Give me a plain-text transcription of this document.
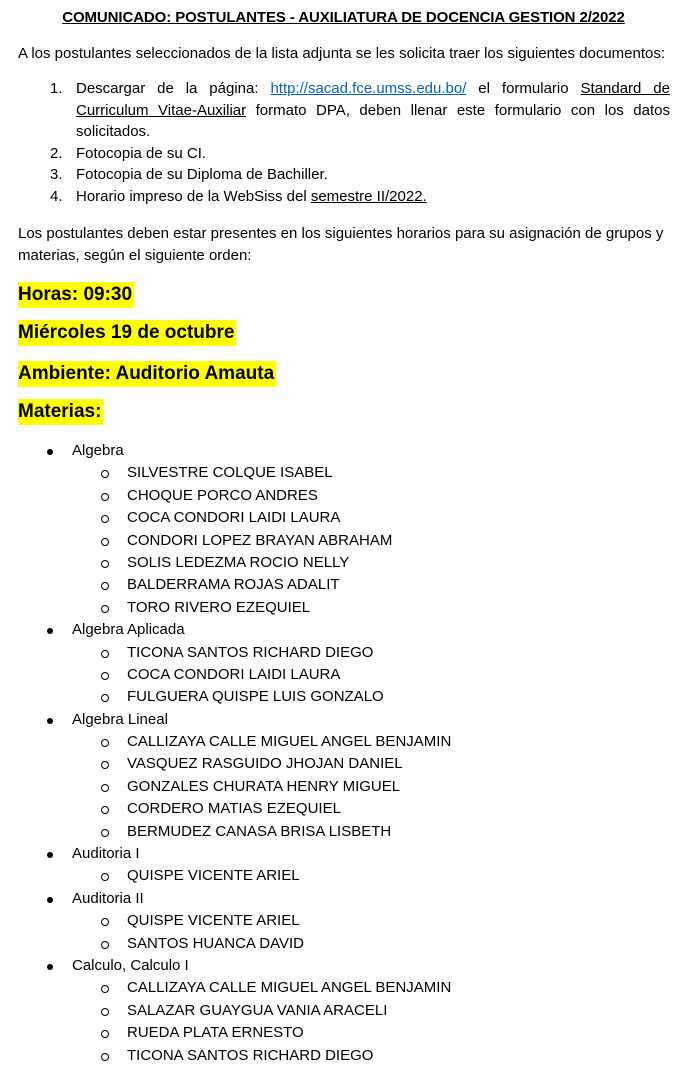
COMUNICADO: POSTULANTES - AUXILIATURA DE DOCENCIA GESTION 2/2022
A los postulantes seleccionados de la lista adjunta se les solicita traer los siguientes documentos:
1. Descargar de la página: http://sacad.fce.umss.edu.bo/ el formulario Standard de Curriculum Vitae-Auxiliar formato DPA, deben llenar este formulario con los datos solicitados.
2. Fotocopia de su CI.
3. Fotocopia de su Diploma de Bachiller.
4. Horario impreso de la WebSiss del semestre II/2022.
Los postulantes deben estar presentes en los siguientes horarios para su asignación de grupos y materias, según el siguiente orden:
Horas: 09:30
Miércoles 19 de octubre
Ambiente: Auditorio Amauta
Materias:
Algebra
SILVESTRE COLQUE ISABEL
CHOQUE PORCO ANDRES
COCA CONDORI LAIDI LAURA
CONDORI LOPEZ BRAYAN ABRAHAM
SOLIS LEDEZMA ROCIO NELLY
BALDERRAMA ROJAS ADALIT
TORO RIVERO EZEQUIEL
Algebra Aplicada
TICONA SANTOS RICHARD DIEGO
COCA CONDORI LAIDI LAURA
FULGUERA QUISPE LUIS GONZALO
Algebra Lineal
CALLIZAYA CALLE MIGUEL ANGEL BENJAMIN
VASQUEZ RASGUIDO JHOJAN DANIEL
GONZALES CHURATA HENRY MIGUEL
CORDERO MATIAS EZEQUIEL
BERMUDEZ CANASA BRISA LISBETH
Auditoria I
QUISPE VICENTE ARIEL
Auditoria II
QUISPE VICENTE ARIEL
SANTOS HUANCA DAVID
Calculo, Calculo I
CALLIZAYA CALLE MIGUEL ANGEL BENJAMIN
SALAZAR GUAYGUA VANIA ARACELI
RUEDA PLATA ERNESTO
TICONA SANTOS RICHARD DIEGO
